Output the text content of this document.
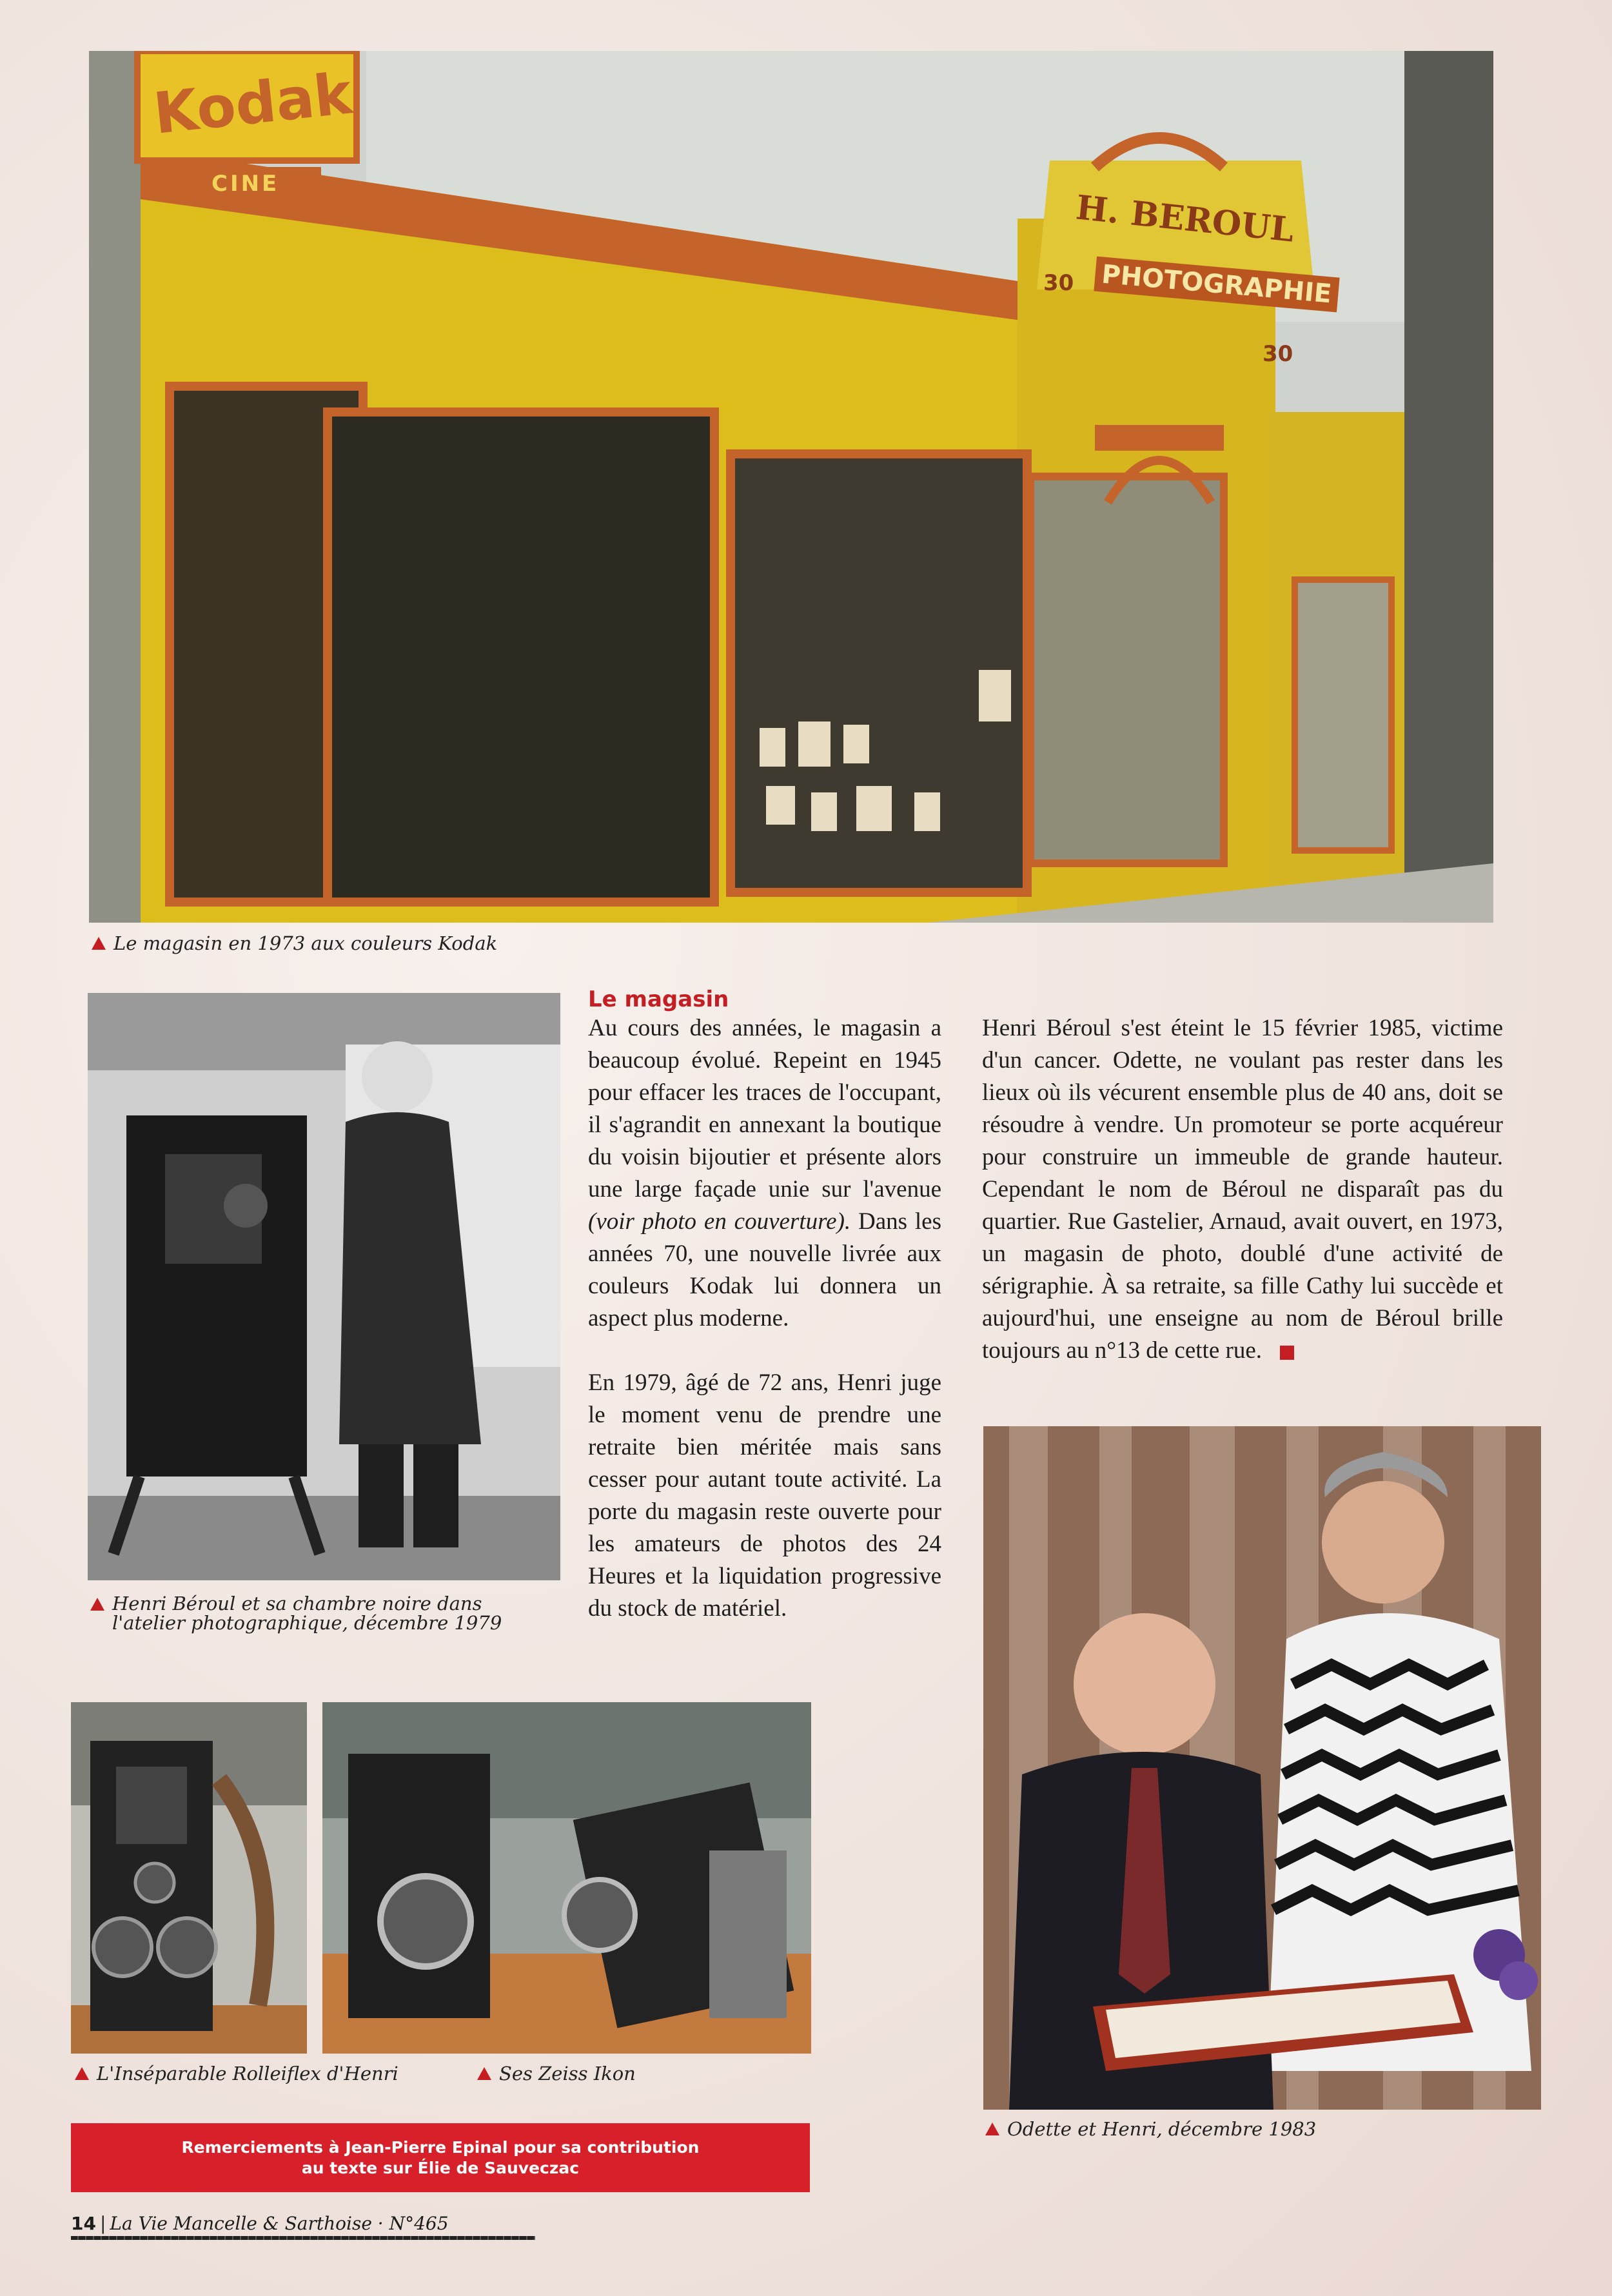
Kodak
CINE
H. BEROUL
PHOTOGRAPHIE
30
30
Le magasin en 1973 aux couleurs Kodak
Henri Béroul et sa chambre noire dans l'atelier photographique, décembre 1979
Le magasin

Au cours des années, le magasin a beaucoup évolué. Repeint en 1945 pour effacer les traces de l'occupant, il s'agrandit en annexant la boutique du voisin bijoutier et présente alors une large façade unie sur l'avenue (voir photo en couverture). Dans les années 70, une nouvelle livrée aux couleurs Kodak lui donnera un aspect plus moderne.

En 1979, âgé de 72 ans, Henri juge le moment venu de prendre une retraite bien méritée mais sans cesser pour autant toute activité. La porte du magasin reste ouverte pour les amateurs de photos des 24 Heures et la liquidation progressive du stock de matériel.

Henri Béroul s'est éteint le 15 février 1985, victime d'un cancer. Odette, ne voulant pas rester dans les lieux où ils vécurent ensemble plus de 40 ans, doit se résoudre à vendre. Un promoteur se porte acquéreur pour construire un immeuble de grande hauteur. Cependant le nom de Béroul ne disparaît pas du quartier. Rue Gastelier, Arnaud, avait ouvert, en 1973, un magasin de photo, doublé d'une activité de sérigraphie. À sa retraite, sa fille Cathy lui succède et aujourd'hui, une enseigne au nom de Béroul brille toujours au n°13 de cette rue.

L'Inséparable Rolleiflex d'Henri	Ses Zeiss Ikon
Odette et Henri, décembre 1983
Remerciements à Jean-Pierre Epinal pour sa contribution
au texte sur Élie de Sauveczac
14 | La Vie Mancelle & Sarthoise · N°465
